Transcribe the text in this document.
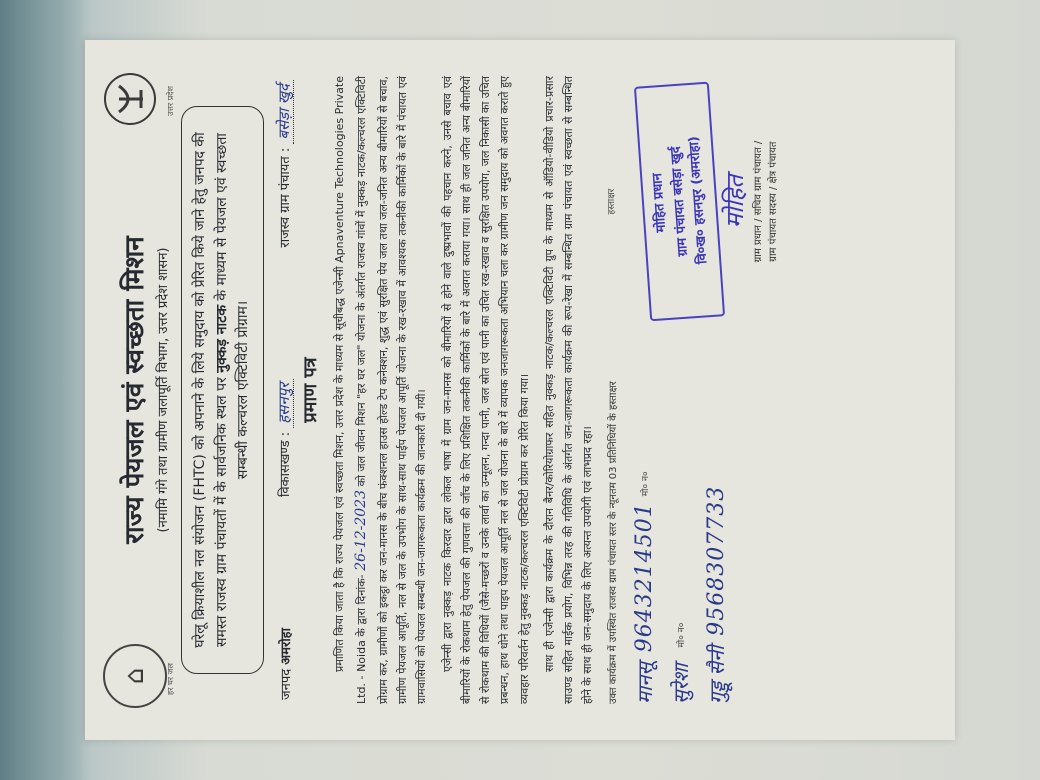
⌂	हर घर जल
उत्तर प्रदेश
राज्य पेयजल एवं स्वच्छता मिशन (नमामि गंगे तथा ग्रामीण जलापूर्ति विभाग, उत्तर प्रदेश शासन)	घरेलू क्रियाशील नल संयोजन (FHTC) को अपनाने के लिये समुदाय को प्रेरित किये जाने हेतु जनपद की समस्त राजस्व ग्राम पंचायतों में के सार्वजनिक स्थल पर नुक्कड़ नाटक के माध्यम से पेयजल एवं स्वच्छता सम्बन्धी कल्चरल एक्टिविटी प्रोग्राम।
जनपद अमरोहा
विकासखण्ड : हसनपुर
राजस्व ग्राम पंचायत : बसेड़ा खुर्द
प्रमाण पत्र प्रमाणित किया जाता है कि राज्य पेयजल एवं स्वच्छता मिशन, उत्तर प्रदेश के माध्यम से सूचीबद्ध एजेन्सी Apnaventure Technologies Private Ltd. - Noida के द्वारा दिनांक- 26-12-2023 को जल जीवन मिशन "हर घर जल" योजना के अंतर्गत राजस्व गांवों में नुक्कड़ नाटक/कल्चरल एक्टिविटी प्रोग्राम कर, ग्रामीणों को इकट्ठा कर जन-मानस के बीच फंक्शनल हाउस होल्ड टेप कनेक्शन, शुद्ध एवं सुरक्षित पेय जल तथा जल-जनित अन्य बीमारियों से बचाव, ग्रामीण पेयजल आपूर्ति, नल से जल के उपभोग के साथ-साथ पाईप पेयजल आपूर्ति योजना के रख-रखाव में आवश्यक तकनीकी कार्मिकों के बारे में पंचायत एवं ग्रामवासियों को पेयजल सम्बन्धी जन-जागरूकता कार्यक्रम की जानकारी दी गयी। एजेन्सी द्वारा नुक्कड़ नाटक किरदार द्वारा लोकल भाषा में ग्राम जन-मानस को बीमारियों से होने वाले दुष्प्रभावों की पहचान करने, उनसे बचाव एवं बीमारियों के रोकथाम हेतु पेयजल की गुणवत्ता की जाँच के लिए प्रशिक्षित तकनीकी कार्मिकों के बारे में अवगत कराया गया। साथ ही जल जनित अन्य बीमारियों से रोकथाम की विधियों (जैसे-मच्छरों व उनके लार्वा का उन्मूलन, गन्दा पानी, जल स्रोत एवं पानी का उचित रख-रखाव व सुरक्षित उपयोग, जल निकासी का उचित प्रबन्धन, हाथ धोने तथा पाइप पेयजल आपूर्ति नल से जल योजना के बारे में व्यापक जनजागरूकता अभियान चला कर ग्रामीण जन समुदाय को अवगत कराते हुए व्यवहार परिवर्तन हेतु नुक्कड़ नाटक/कल्चरल एक्टिविटी प्रोग्राम कर प्रेरित किया गया। साथ ही एजेन्सी द्वारा कार्यक्रम के दौरान बैनर/कोरियोग्राफर सहित नुक्कड़ नाटक/कल्चरल एक्टिविटी ग्रुप के माध्यम से ऑडियो-वीडियो प्रचार-प्रसार साउण्ड सहित माईक प्रयोग, विभिन्न तरह की गतिविधि के अंतर्गत जन-जागरूकता कार्यक्रम की रूप-रेखा में सम्बन्धित ग्राम पंचायत एवं स्वच्छता से सम्बन्धित होने के साथ ही जन-समुदाय के लिए अत्यन्त उपयोगी एवं लाभप्रद रहा।	उक्त कार्यक्रम में उपस्थित राजस्व ग्राम पंचायत स्तर के न्यूनतम 03 प्रतिनिधियों के हस्ताक्षर मानसू
9643214501
मो० न०
सुरेशा
मो० न०
गुड्डू सैनी
9568307733
हस्ताक्षर	मोहित प्रधान
ग्राम पंचायत बसेड़ा खुर्द
वि०ख० हसनपुर (अमरोहा) मोहित ग्राम प्रधान / सचिव ग्राम पंचायत / ग्राम पंचायत सदस्य / क्षेत्र पंचायत
